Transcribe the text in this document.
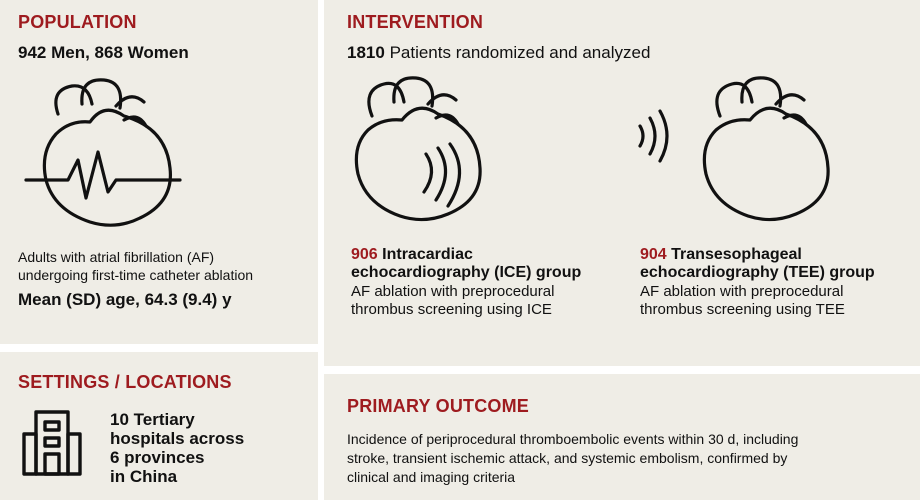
POPULATION
942 Men, 868 Women
Adults with atrial fibrillation (AF)
undergoing first-time catheter ablation
Mean (SD) age, 64.3 (9.4) y
INTERVENTION
1810 Patients randomized and analyzed
906 Intracardiac
echocardiography (ICE) group
AF ablation with preprocedural
thrombus screening using ICE
904 Transesophageal
echocardiography (TEE) group
AF ablation with preprocedural
thrombus screening using TEE
SETTINGS / LOCATIONS
10 Tertiary
hospitals across
6 provinces
in China
PRIMARY OUTCOME
Incidence of periprocedural thromboembolic events within 30 d, including
stroke, transient ischemic attack, and systemic embolism, confirmed by
clinical and imaging criteria
